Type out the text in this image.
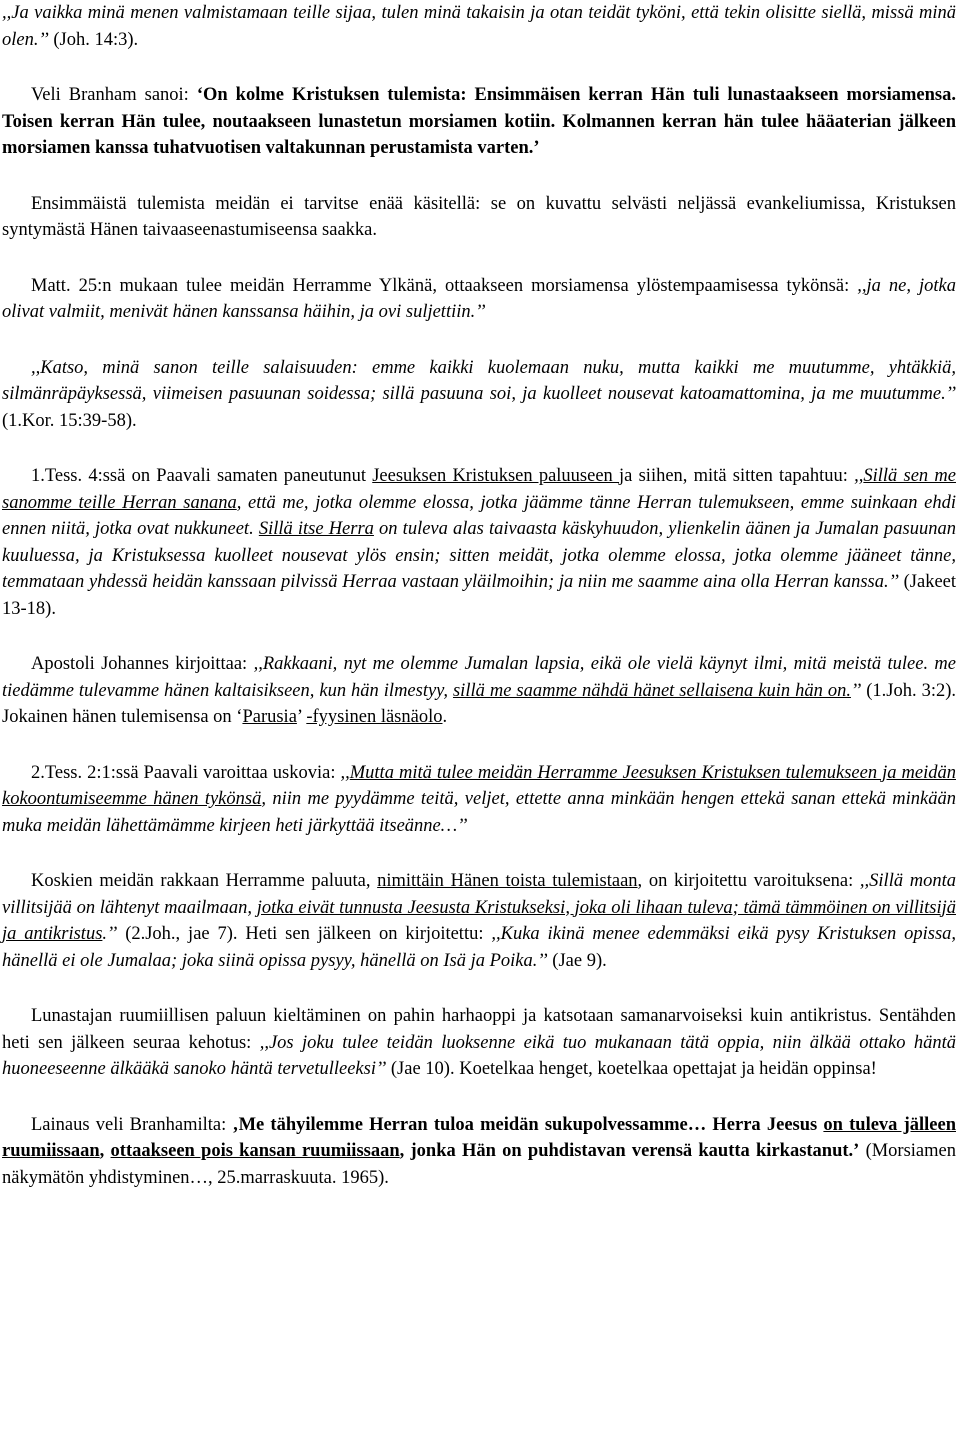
,,Ja vaikka minä menen valmistamaan teille sijaa, tulen minä takaisin ja otan teidät tyköni, että tekin olisitte siellä, missä minä olen.’’ (Joh. 14:3).

Veli Branham sanoi: ‘On kolme Kristuksen tulemista: Ensimmäisen kerran Hän tuli lunastaakseen morsiamensa. Toisen kerran Hän tulee, noutaakseen lunastetun morsiamen kotiin. Kolmannen kerran hän tulee hääaterian jälkeen morsiamen kanssa tuhatvuotisen valtakunnan perustamista varten.’

Ensimmäistä tulemista meidän ei tarvitse enää käsitellä: se on kuvattu selvästi neljässä evankeliumissa, Kristuksen syntymästä Hänen taivaaseenastumiseensa saakka.

Matt. 25:n mukaan tulee meidän Herramme Ylkänä, ottaakseen morsiamensa ylöstempaamisessa tykönsä: ,,ja ne, jotka olivat valmiit, menivät hänen kanssansa häihin, ja ovi suljettiin.’’

,,Katso, minä sanon teille salaisuuden: emme kaikki kuolemaan nuku, mutta kaikki me muutumme, yhtäkkiä, silmänräpäyksessä, viimeisen pasuunan soidessa; sillä pasuuna soi, ja kuolleet nousevat katoamattomina, ja me muutumme.’’ (1.Kor. 15:39-58).

1.Tess. 4:ssä on Paavali samaten paneutunut Jeesuksen Kristuksen paluuseen ja siihen, mitä sitten tapahtuu: ,,Sillä sen me sanomme teille Herran sanana, että me, jotka olemme elossa, jotka jäämme tänne Herran tulemukseen, emme suinkaan ehdi ennen niitä, jotka ovat nukkuneet. Sillä itse Herra on tuleva alas taivaasta käskyhuudon, ylienkelin äänen ja Jumalan pasuunan kuuluessa, ja Kristuksessa kuolleet nousevat ylös ensin; sitten meidät, jotka olemme elossa, jotka olemme jääneet tänne, temmataan yhdessä heidän kanssaan pilvissä Herraa vastaan yläilmoihin; ja niin me saamme aina olla Herran kanssa.’’ (Jakeet 13-18).

Apostoli Johannes kirjoittaa: ,,Rakkaani, nyt me olemme Jumalan lapsia, eikä ole vielä käynyt ilmi, mitä meistä tulee. me tiedämme tulevamme hänen kaltaisikseen, kun hän ilmestyy, sillä me saamme nähdä hänet sellaisena kuin hän on.’’ (1.Joh. 3:2). Jokainen hänen tulemisensa on ‘Parusia’ -fyysinen läsnäolo.

2.Tess. 2:1:ssä Paavali varoittaa uskovia: ,,Mutta mitä tulee meidän Herramme Jeesuksen Kristuksen tulemukseen ja meidän kokoontumiseemme hänen tykönsä, niin me pyydämme teitä, veljet, ettette anna minkään hengen ettekä sanan ettekä minkään muka meidän lähettämämme kirjeen heti järkyttää itseänne…’’

Koskien meidän rakkaan Herramme paluuta, nimittäin Hänen toista tulemistaan, on kirjoitettu varoituksena: ,,Sillä monta villitsijää on lähtenyt maailmaan, jotka eivät tunnusta Jeesusta Kristukseksi, joka oli lihaan tuleva; tämä tämmöinen on villitsijä ja antikristus.’’ (2.Joh., jae 7). Heti sen jälkeen on kirjoitettu: ,,Kuka ikinä menee edemmäksi eikä pysy Kristuksen opissa, hänellä ei ole Jumalaa; joka siinä opissa pysyy, hänellä on Isä ja Poika.’’ (Jae 9).

Lunastajan ruumiillisen paluun kieltäminen on pahin harhaoppi ja katsotaan samanarvoiseksi kuin antikristus. Sentähden heti sen jälkeen seuraa kehotus: ,,Jos joku tulee teidän luoksenne eikä tuo mukanaan tätä oppia, niin älkää ottako häntä huoneeseenne älkääkä sanoko häntä tervetulleeksi’’ (Jae 10). Koetelkaa henget, koetelkaa opettajat ja heidän oppinsa!

Lainaus veli Branhamilta: ‚Me tähyilemme Herran tuloa meidän sukupolvessamme… Herra Jeesus on tuleva jälleen ruumiissaan, ottaakseen pois kansan ruumiissaan, jonka Hän on puhdistavan verensä kautta kirkastanut.’ (Morsiamen näkymätön yhdistyminen…, 25.marraskuuta. 1965).
